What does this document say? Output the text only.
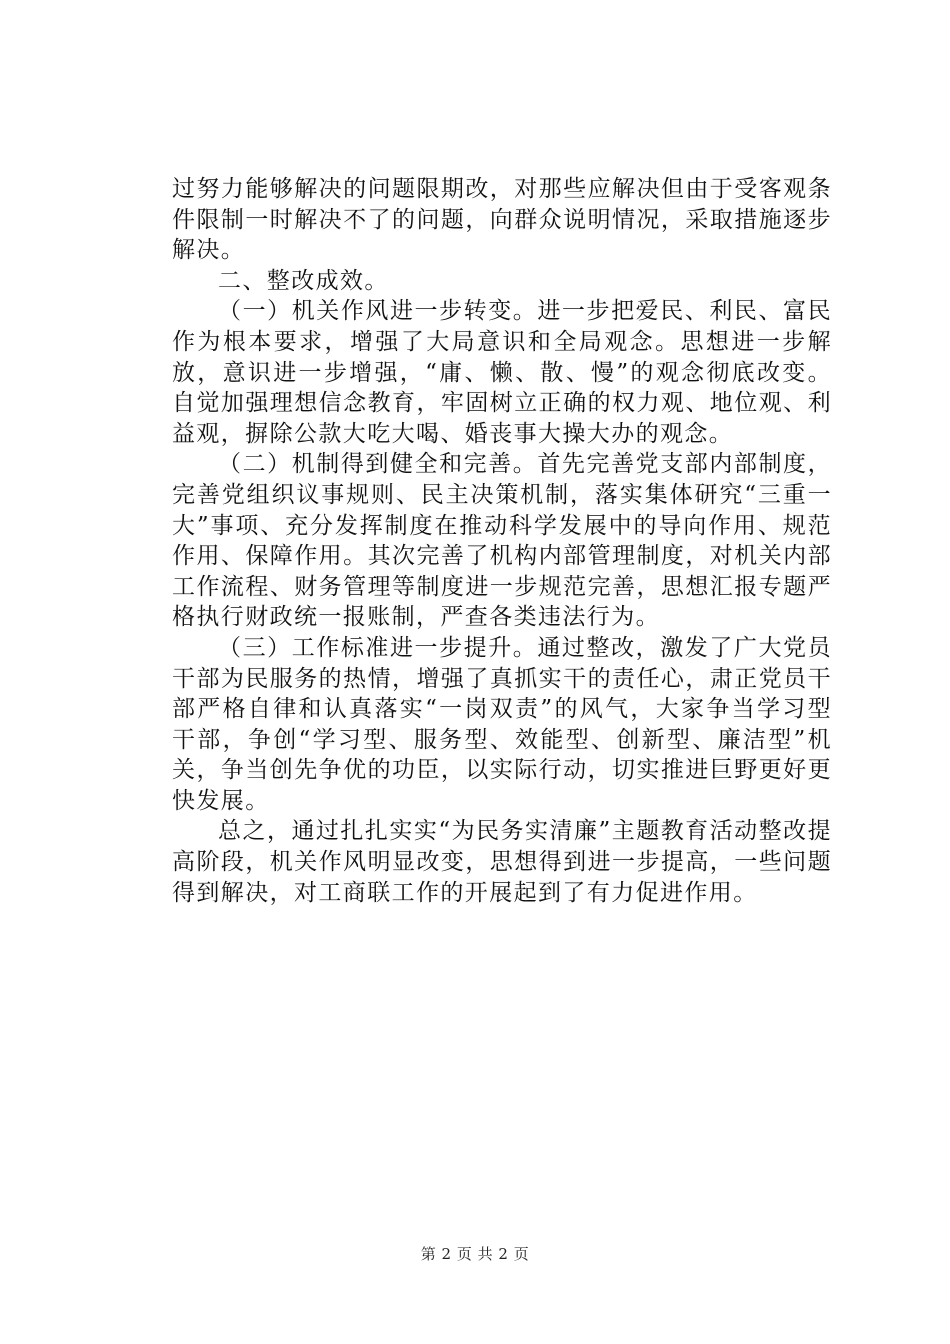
过努力能够解决的问题限期改，对那些应解决但由于受客观条件限制一时解决不了的问题，向群众说明情况，采取措施逐步解决。

二、整改成效。

（一）机关作风进一步转变。进一步把爱民、利民、富民作为根本要求，增强了大局意识和全局观念。思想进一步解放，意识进一步增强，“庸、懒、散、慢”的观念彻底改变。自觉加强理想信念教育，牢固树立正确的权力观、地位观、利益观，摒除公款大吃大喝、婚丧事大操大办的观念。

（二）机制得到健全和完善。首先完善党支部内部制度，完善党组织议事规则、民主决策机制，落实集体研究“三重一大”事项、充分发挥制度在推动科学发展中的导向作用、规范作用、保障作用。其次完善了机构内部管理制度，对机关内部工作流程、财务管理等制度进一步规范完善，思想汇报专题严格执行财政统一报账制，严查各类违法行为。

（三）工作标准进一步提升。通过整改，激发了广大党员干部为民服务的热情，增强了真抓实干的责任心，肃正党员干部严格自律和认真落实“一岗双责”的风气，大家争当学习型干部，争创“学习型、服务型、效能型、创新型、廉洁型”机关，争当创先争优的功臣，以实际行动，切实推进巨野更好更快发展。

总之，通过扎扎实实“为民务实清廉”主题教育活动整改提高阶段，机关作风明显改变，思想得到进一步提高，一些问题得到解决，对工商联工作的开展起到了有力促进作用。

第 2 页 共 2 页
